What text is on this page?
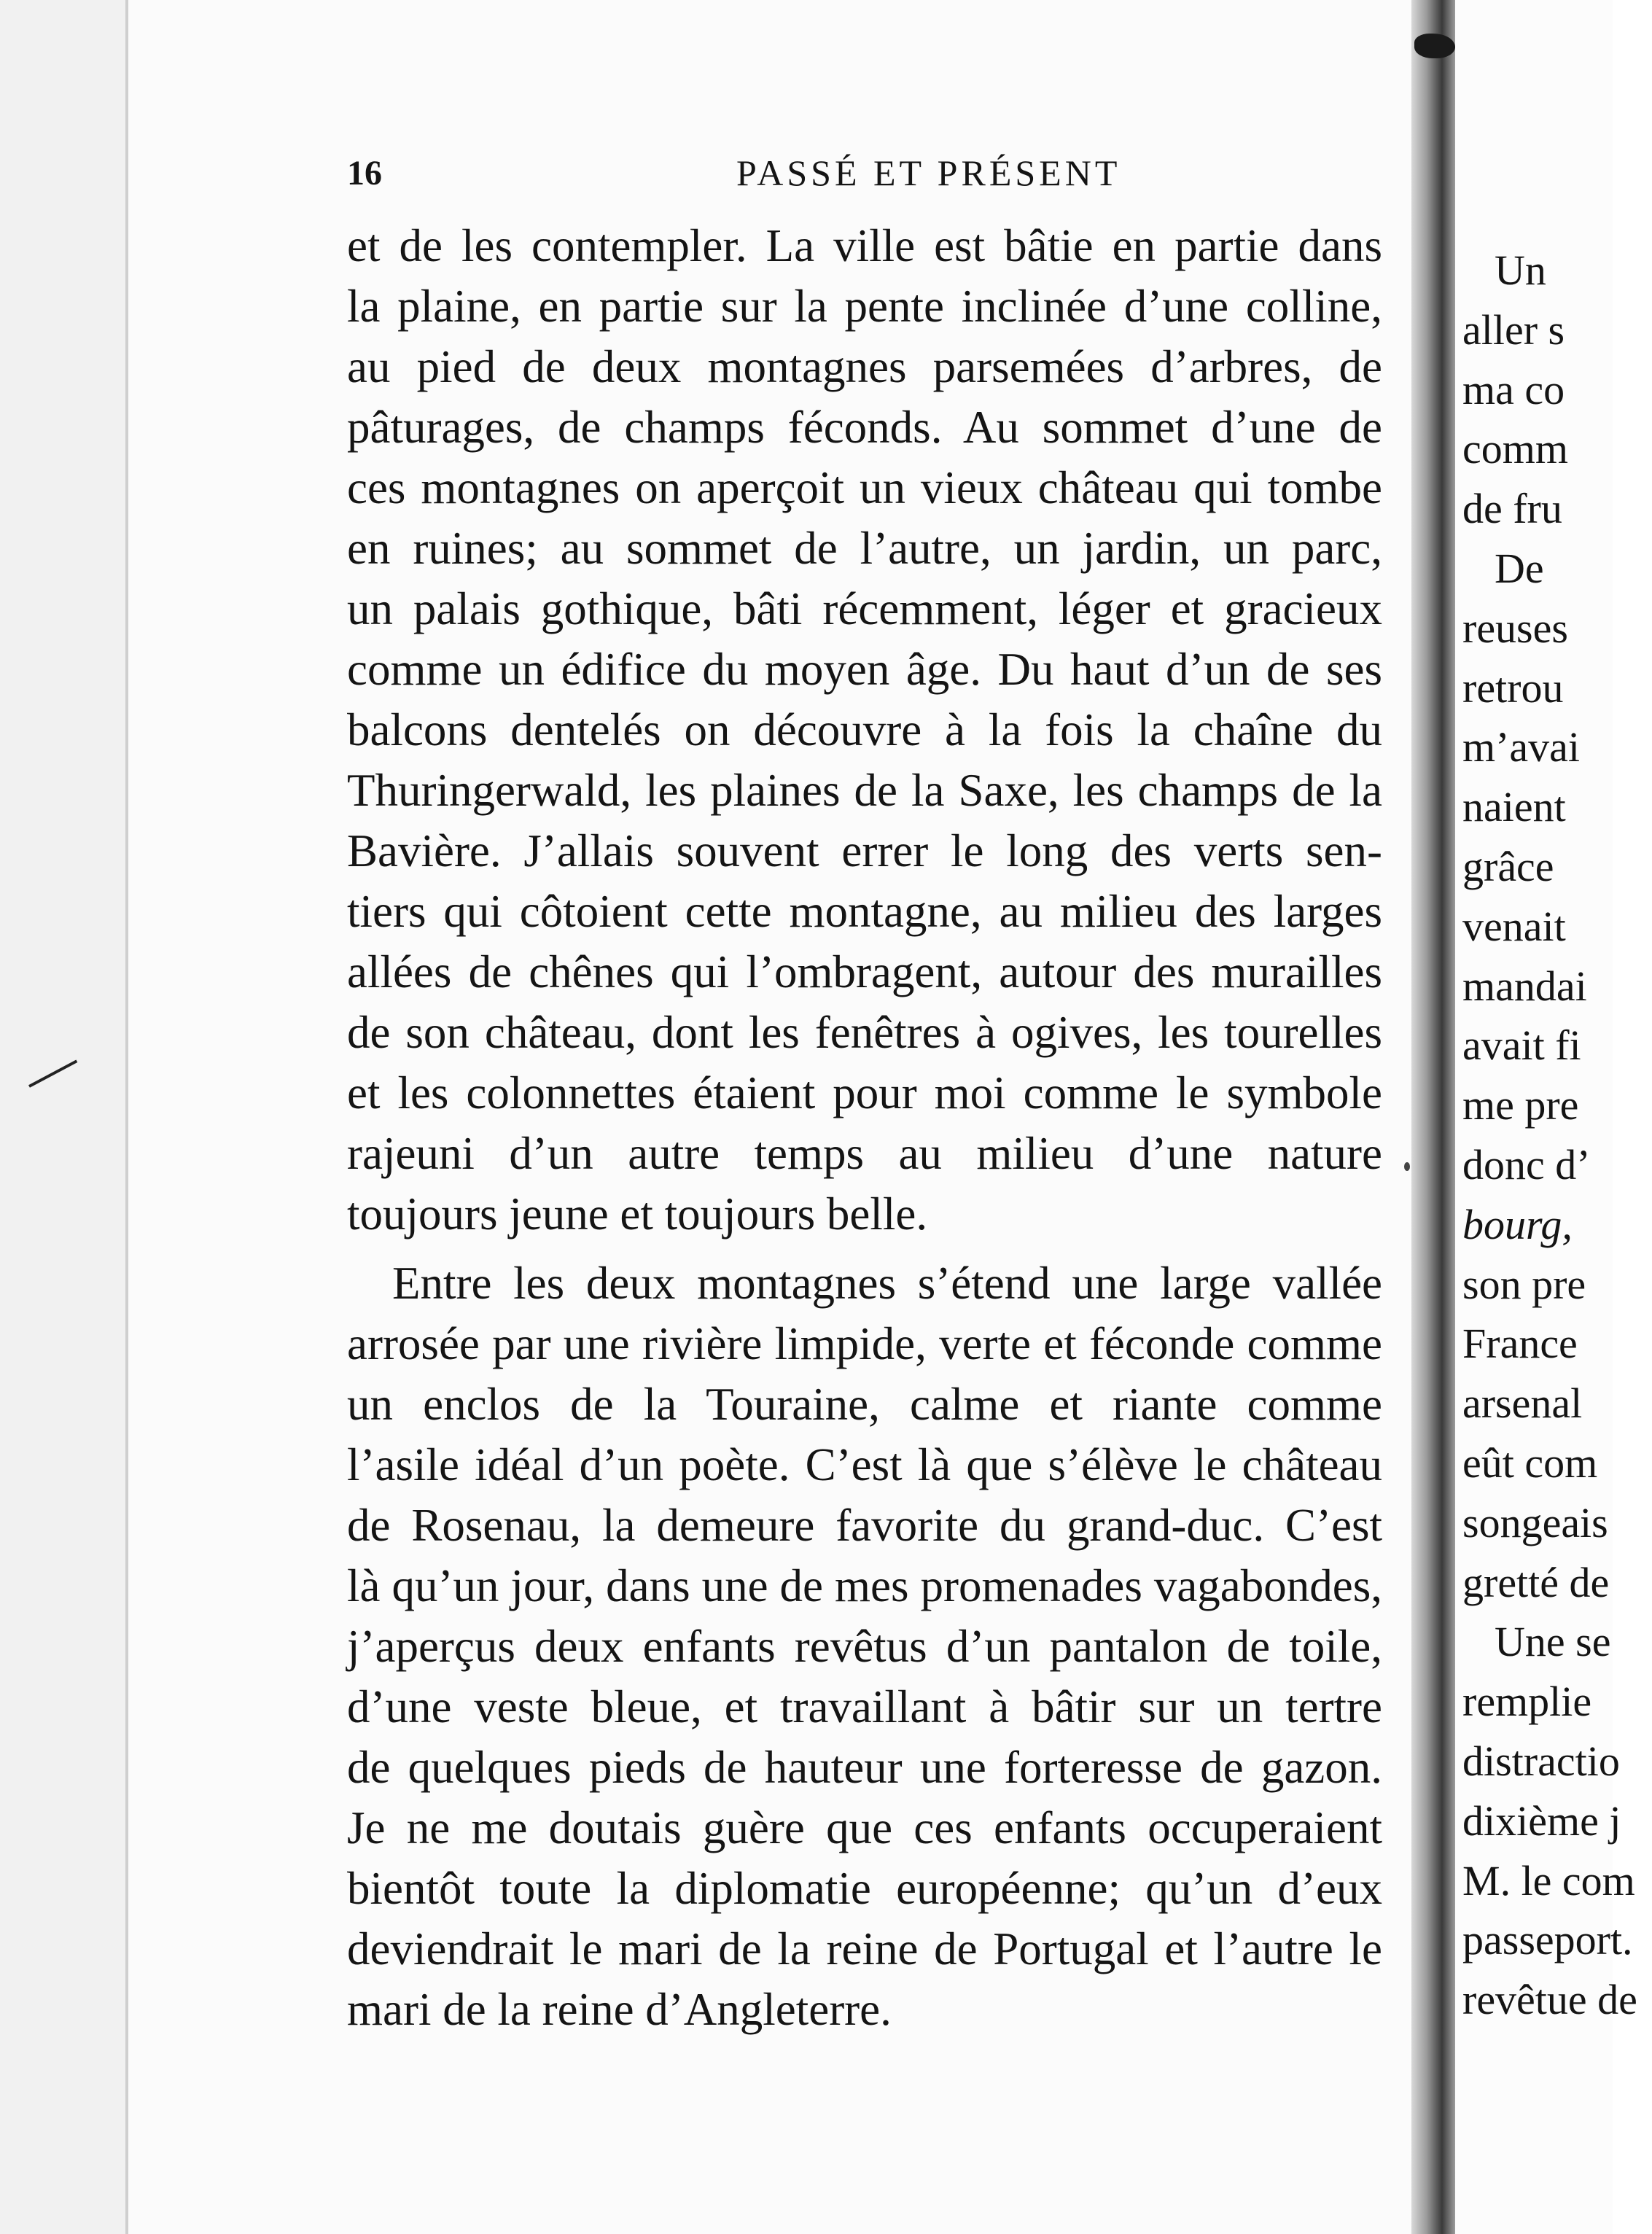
16	PASSÉ ET PRÉSENT
et de les contempler. La ville est bâtie en partie dans
la plaine, en partie sur la pente inclinée d’une colline,
au pied de deux montagnes parsemées d’arbres, de
pâturages, de champs féconds. Au sommet d’une de
ces montagnes on aperçoit un vieux château qui tombe
en ruines; au sommet de l’autre, un jardin, un parc,
un palais gothique, bâti récemment, léger et gracieux
comme un édifice du moyen âge. Du haut d’un de ses
balcons dentelés on découvre à la fois la chaîne du
Thuringerwald, les plaines de la Saxe, les champs de la
Bavière. J’allais souvent errer le long des verts sen-
tiers qui côtoient cette montagne, au milieu des larges
allées de chênes qui l’ombragent, autour des murailles
de son château, dont les fenêtres à ogives, les tourelles
et les colonnettes étaient pour moi comme le symbole
rajeuni d’un autre temps au milieu d’une nature
toujours jeune et toujours belle.
Entre les deux montagnes s’étend une large vallée
arrosée par une rivière limpide, verte et féconde comme
un enclos de la Touraine, calme et riante comme
l’asile idéal d’un poète. C’est là que s’élève le château
de Rosenau, la demeure favorite du grand-duc. C’est
là qu’un jour, dans une de mes promenades vagabondes,
j’aperçus deux enfants revêtus d’un pantalon de toile,
d’une veste bleue, et travaillant à bâtir sur un tertre
de quelques pieds de hauteur une forteresse de gazon.
Je ne me doutais guère que ces enfants occuperaient
bientôt toute la diplomatie européenne; qu’un d’eux
deviendrait le mari de la reine de Portugal et l’autre le
mari de la reine d’Angleterre.
Un
aller s
ma co
comm
de fru
De
reuses
retrou
m’avai
naient
grâce
venait
mandai
avait fi
me pre
donc d’
bourg,
son pre
France
arsenal
eût com
songeais
gretté de
Une se
remplie
distractio
dixième j
M. le com
passeport.
revêtue de
